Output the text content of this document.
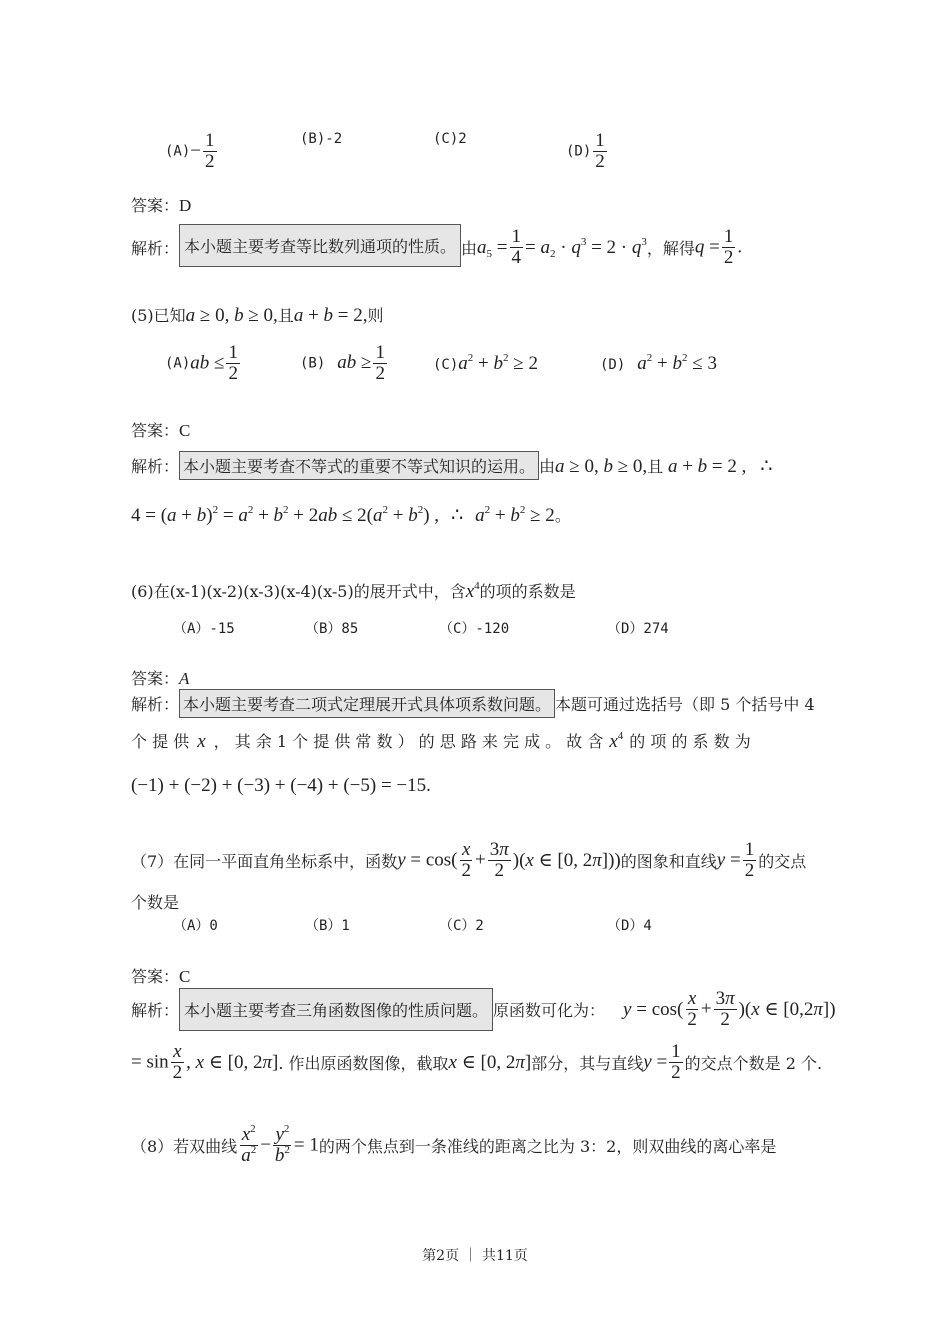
$(A)- \frac{1}{2}$	(B)-2	(C)2
$(D) \frac{1}{2}$
答案：D
解析： 本小题主要考查等比数列通项的性质。 由$a_5 = \frac{1}{4} = a_2 \cdot q^3 = 2 \cdot q^3$，解得$q = \frac{1}{2}$ .
(5)已知a ≥ 0, b ≥ 0,且a + b = 2,则
$(A)ab \le \frac{1}{2}$	(B) ab ≥ $\frac{1}{2}$	$(C)a^2 + b^2 \ge 2$	(D) $a^2 + b^2 \le 3$
答案：C
解析： 本小题主要考查不等式的重要不等式知识的运用。 由a ≥ 0, b ≥ 0,且 a + b = 2 , ∴
$4 = (a + b)^2 = a^2 + b^2 + 2ab \le 2(a^2 + b^2)$ , ∴ $a^2 + b^2 \ge 2$。
(6)在(x-1)(x-2)(x-3)(x-4)(x-5)的展开式中，含$x^4$的项的系数是
（A）-15	（B）85	（C）-120	（D）274
答案：A
解析： 本小题主要考查二项式定理展开式具体项系数问题。 本题可通过选括号（即 5 个括号中 4
个 提 供 x ， 其 余 1 个 提 供 常 数 ） 的 思 路 来 完 成 。 故 含 $x^4$ 的 项 的 系 数 为
(−1) + (−2) + (−3) + (−4) + (−5) = −15.
（7）在同一平面直角坐标系中，函数$y = \cos( \frac{x}{2} + \frac{3\pi}{2} )(x$ ∈ [0, 2π]))的图象和直线$y = \frac{1}{2}$ 的交点
个数是
（A）0	（B）1	（C）2	（D）4
答案：C
解析： 本小题主要考查三角函数图像的性质问题。 原函数可化为： $y = \cos( \frac{x}{2} + \frac{3\pi}{2} )(x$ ∈ [0,2π])
= $\sin \frac{x}{2}$ , x ∈ [0, 2π]. 作出原函数图像，截取x ∈ [0, 2π]部分，其与直线$y = \frac{1}{2}$ 的交点个数是 2 个.
（8）若双曲线 $\frac{x^2}{a^2} - \frac{y^2}{b^2} = 1$的两个焦点到一条准线的距离之比为 3：2，则双曲线的离心率是
第2页 ｜ 共11页
